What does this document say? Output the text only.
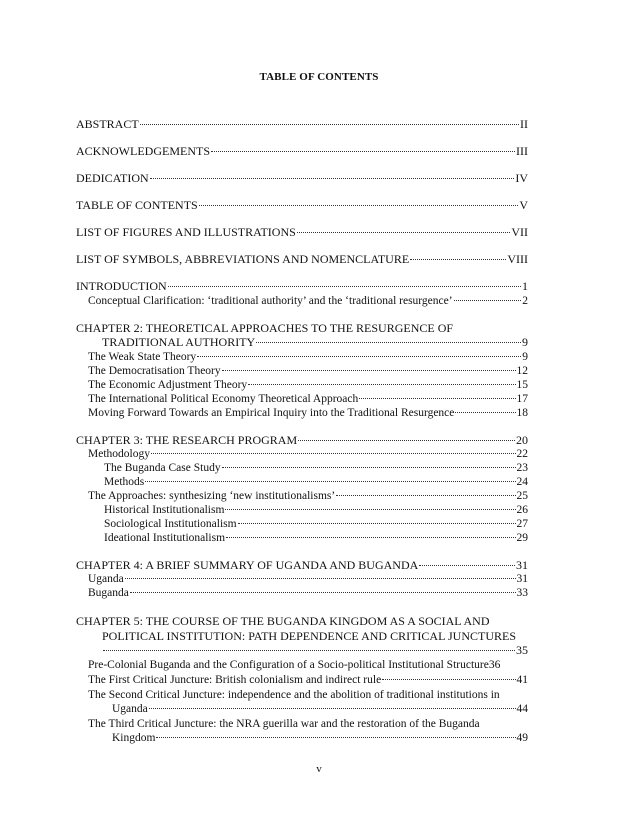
TABLE OF CONTENTS
ABSTRACT	II
ACKNOWLEDGEMENTS	III
DEDICATION	IV
TABLE OF CONTENTS	V
LIST OF FIGURES AND ILLUSTRATIONS	VII
LIST OF SYMBOLS, ABBREVIATIONS AND NOMENCLATURE	VIII
INTRODUCTION	1
Conceptual Clarification: ‘traditional authority’ and the ‘traditional resurgence’	2
CHAPTER 2: THEORETICAL APPROACHES TO THE RESURGENCE OF
TRADITIONAL AUTHORITY	9
The Weak State Theory	9
The Democratisation Theory	12
The Economic Adjustment Theory	15
The International Political Economy Theoretical Approach	17
Moving Forward Towards an Empirical Inquiry into the Traditional Resurgence	18
CHAPTER 3: THE RESEARCH PROGRAM	20
Methodology	22
The Buganda Case Study	23
Methods	24
The Approaches: synthesizing ‘new institutionalisms’	25
Historical Institutionalism	26
Sociological Institutionalism	27
Ideational Institutionalism	29
CHAPTER 4: A BRIEF SUMMARY OF UGANDA AND BUGANDA	31
Uganda	31
Buganda	33
CHAPTER 5: THE COURSE OF THE BUGANDA KINGDOM AS A SOCIAL AND
POLITICAL INSTITUTION: PATH DEPENDENCE AND CRITICAL JUNCTURES
35
Pre-Colonial Buganda and the Configuration of a Socio-political Institutional Structure 36
The First Critical Juncture: British colonialism and indirect rule	41
The Second Critical Juncture: independence and the abolition of traditional institutions in
Uganda	44
The Third Critical Juncture: the NRA guerilla war and the restoration of the Buganda
Kingdom	49
v
